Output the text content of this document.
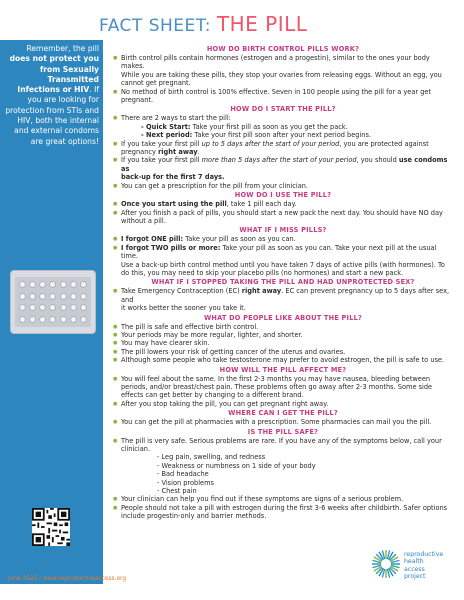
FACT SHEET: THE PILL
Remember, the pill does not protect you from Sexually Transmitted Infections or HIV. If you are looking for protection from STIs and HIV, both the internal and external condoms are great options!
HOW DO BIRTH CONTROL PILLS WORK?
● Birth control pills contain hormones (estrogen and a progestin), similar to the ones your body makes.
While you are taking these pills, they stop your ovaries from releasing eggs. Without an egg, you
cannot get pregnant.
● No method of birth control is 100% effective. Seven in 100 people using the pill for a year get
pregnant.
HOW DO I START THE PILL?
● There are 2 ways to start the pill:
- Quick Start: Take your first pill as soon as you get the pack.
- Next period: Take your first pill soon after your next period begins.
● If you take your first pill up to 5 days after the start of your period, you are protected against
pregnancy right away.
● If you take your first pill more than 5 days after the start of your period, you should use condoms as
back-up for the first 7 days.
● You can get a prescription for the pill from your clinician.
HOW DO I USE THE PILL?
● Once you start using the pill, take 1 pill each day.
● After you finish a pack of pills, you should start a new pack the next day. You should have NO day
without a pill.
WHAT IF I MISS PILLS?
● I forgot ONE pill: Take your pill as soon as you can.
● I forgot TWO pills or more: Take your pill as soon as you can. Take your next pill at the usual time.
Use a back-up birth control method until you have taken 7 days of active pills (with hormones). To
do this, you may need to skip your placebo pills (no hormones) and start a new pack.
WHAT IF I STOPPED TAKING THE PILL AND HAD UNPROTECTED SEX?
● Take Emergency Contraception (EC) right away. EC can prevent pregnancy up to 5 days after sex, and
it works better the sooner you take it.
WHAT DO PEOPLE LIKE ABOUT THE PILL?
● The pill is safe and effective birth control.
● Your periods may be more regular, lighter, and shorter.
● You may have clearer skin.
● The pill lowers your risk of getting cancer of the uterus and ovaries.
● Although some people who take testosterone may prefer to avoid estrogen, the pill is safe to use.
HOW WILL THE PILL AFFECT ME?
● You will feel about the same. In the first 2-3 months you may have nausea, bleeding between
periods, and/or breast/chest pain. These problems often go away after 2-3 months. Some side
effects can get better by changing to a different brand.
● After you stop taking the pill, you can get pregnant right away.
WHERE CAN I GET THE PILL?
● You can get the pill at pharmacies with a prescription. Some pharmacies can mail you the pill.
IS THE PILL SAFE?
● The pill is very safe. Serious problems are rare. If you have any of the symptoms below, call your
clinician.
- Leg pain, swelling, and redness
- Weakness or numbness on 1 side of your body
- Bad headache
- Vision problems
- Chest pain
● Your clinician can help you find out if these symptoms are signs of a serious problem.
● People should not take a pill with estrogen during the first 3-6 weeks after childbirth. Safer options
include progestin-only and barrier methods.
June 2025 | www.reproductiveaccess.org
reproductive
health
access
project
